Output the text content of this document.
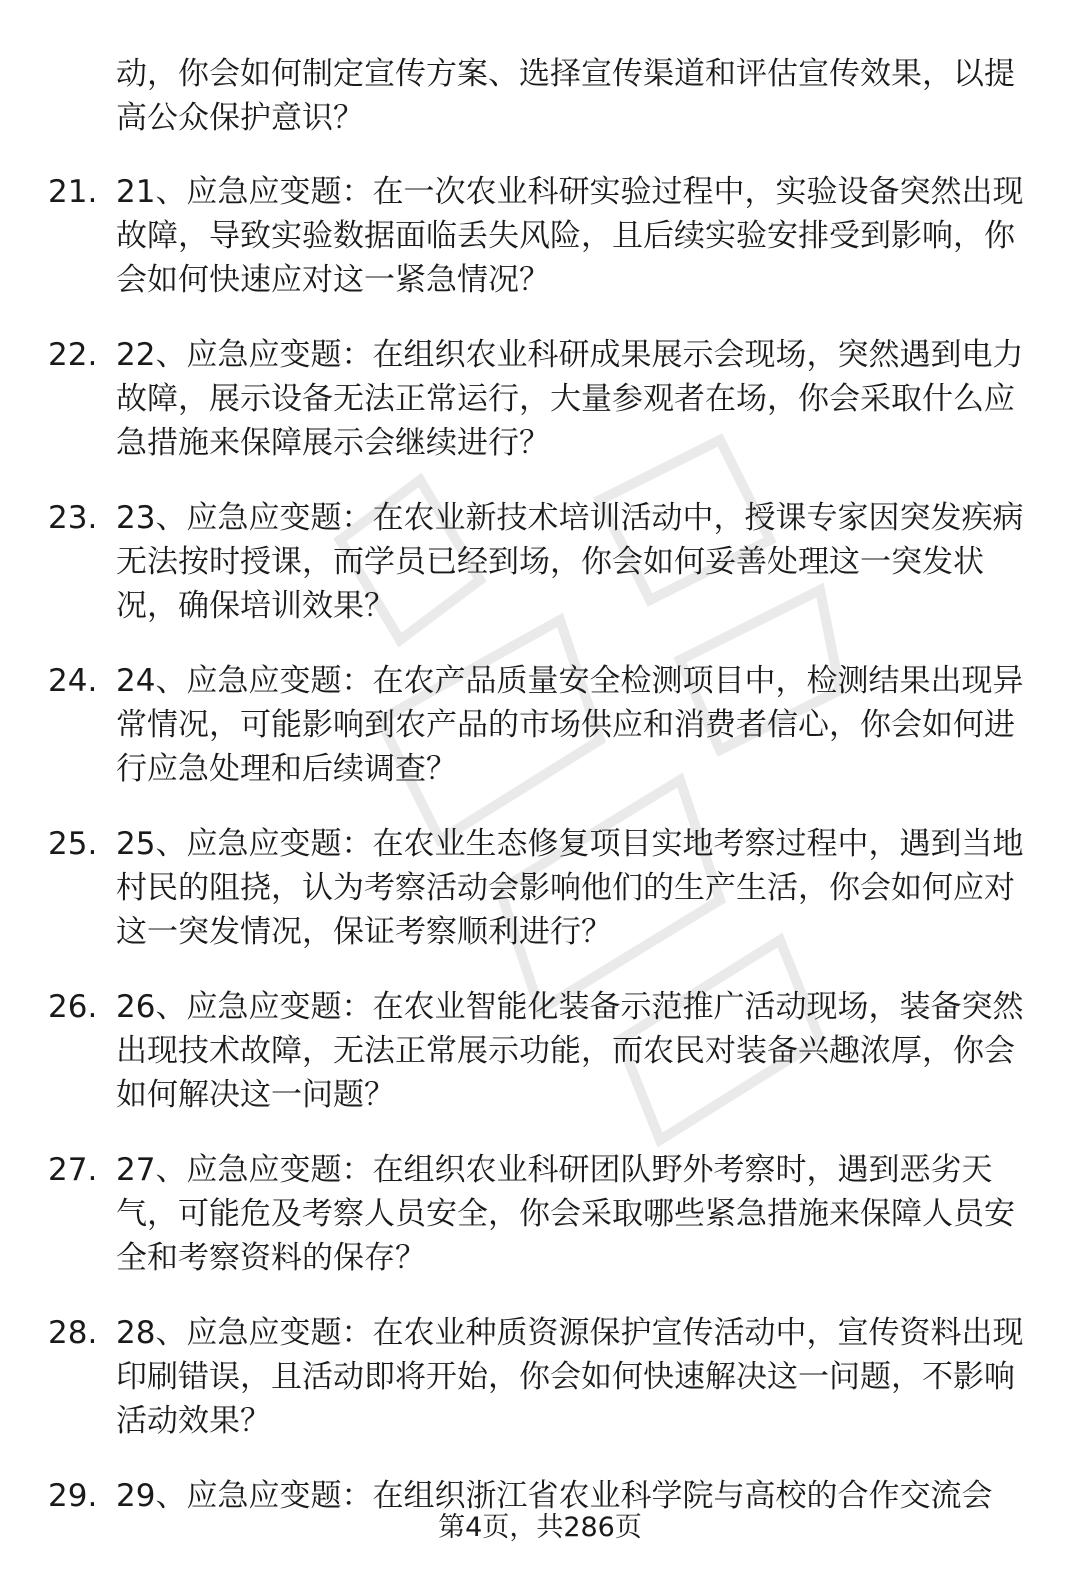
动，你会如何制定宣传方案、选择宣传渠道和评估宣传效果，以提高公众保护意识？

21. 21、应急应变题：在一次农业科研实验过程中，实验设备突然出现故障，导致实验数据面临丢失风险，且后续实验安排受到影响，你会如何快速应对这一紧急情况？
22. 22、应急应变题：在组织农业科研成果展示会现场，突然遇到电力故障，展示设备无法正常运行，大量参观者在场，你会采取什么应急措施来保障展示会继续进行？
23. 23、应急应变题：在农业新技术培训活动中，授课专家因突发疾病无法按时授课，而学员已经到场，你会如何妥善处理这一突发状况，确保培训效果？
24. 24、应急应变题：在农产品质量安全检测项目中，检测结果出现异常情况，可能影响到农产品的市场供应和消费者信心，你会如何进行应急处理和后续调查？
25. 25、应急应变题：在农业生态修复项目实地考察过程中，遇到当地村民的阻挠，认为考察活动会影响他们的生产生活，你会如何应对这一突发情况，保证考察顺利进行？
26. 26、应急应变题：在农业智能化装备示范推广活动现场，装备突然出现技术故障，无法正常展示功能，而农民对装备兴趣浓厚，你会如何解决这一问题？
27. 27、应急应变题：在组织农业科研团队野外考察时，遇到恶劣天气，可能危及考察人员安全，你会采取哪些紧急措施来保障人员安全和考察资料的保存？
28. 28、应急应变题：在农业种质资源保护宣传活动中，宣传资料出现印刷错误，且活动即将开始，你会如何快速解决这一问题，不影响活动效果？
29. 29、应急应变题：在组织浙江省农业科学院与高校的合作交流会
第4页，共286页
